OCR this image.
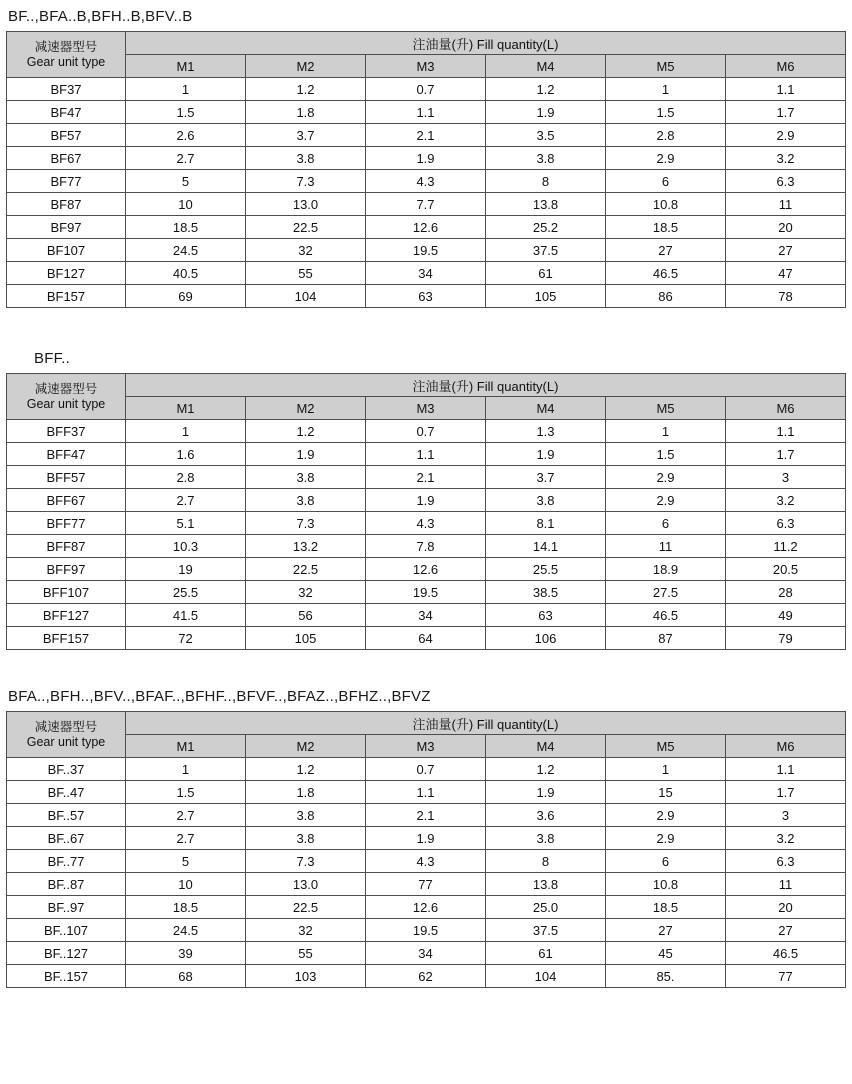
BF..,BFA..B,BFH..B,BFV..B
减速器型号
Gear unit type	注油量(升) Fill quantity(L)					
	M1	M2	M3	M4	M5	M6
BF37	1	1.2	0.7	1.2	1	1.1
BF47	1.5	1.8	1.1	1.9	1.5	1.7
BF57	2.6	3.7	2.1	3.5	2.8	2.9
BF67	2.7	3.8	1.9	3.8	2.9	3.2
BF77	5	7.3	4.3	8	6	6.3
BF87	10	13.0	7.7	13.8	10.8	11
BF97	18.5	22.5	12.6	25.2	18.5	20
BF107	24.5	32	19.5	37.5	27	27
BF127	40.5	55	34	61	46.5	47
BF157	69	104	63	105	86	78
BFF..
减速器型号
Gear unit type	注油量(升) Fill quantity(L)					
	M1	M2	M3	M4	M5	M6
BFF37	1	1.2	0.7	1.3	1	1.1
BFF47	1.6	1.9	1.1	1.9	1.5	1.7
BFF57	2.8	3.8	2.1	3.7	2.9	3
BFF67	2.7	3.8	1.9	3.8	2.9	3.2
BFF77	5.1	7.3	4.3	8.1	6	6.3
BFF87	10.3	13.2	7.8	14.1	11	11.2
BFF97	19	22.5	12.6	25.5	18.9	20.5
BFF107	25.5	32	19.5	38.5	27.5	28
BFF127	41.5	56	34	63	46.5	49
BFF157	72	105	64	106	87	79
BFA..,BFH..,BFV..,BFAF..,BFHF..,BFVF..,BFAZ..,BFHZ..,BFVZ
减速器型号
Gear unit type	注油量(升) Fill quantity(L)					
	M1	M2	M3	M4	M5	M6
BF..37	1	1.2	0.7	1.2	1	1.1
BF..47	1.5	1.8	1.1	1.9	15	1.7
BF..57	2.7	3.8	2.1	3.6	2.9	3
BF..67	2.7	3.8	1.9	3.8	2.9	3.2
BF..77	5	7.3	4.3	8	6	6.3
BF..87	10	13.0	77	13.8	10.8	11
BF..97	18.5	22.5	12.6	25.0	18.5	20
BF..107	24.5	32	19.5	37.5	27	27
BF..127	39	55	34	61	45	46.5
BF..157	68	103	62	104	85.	77
